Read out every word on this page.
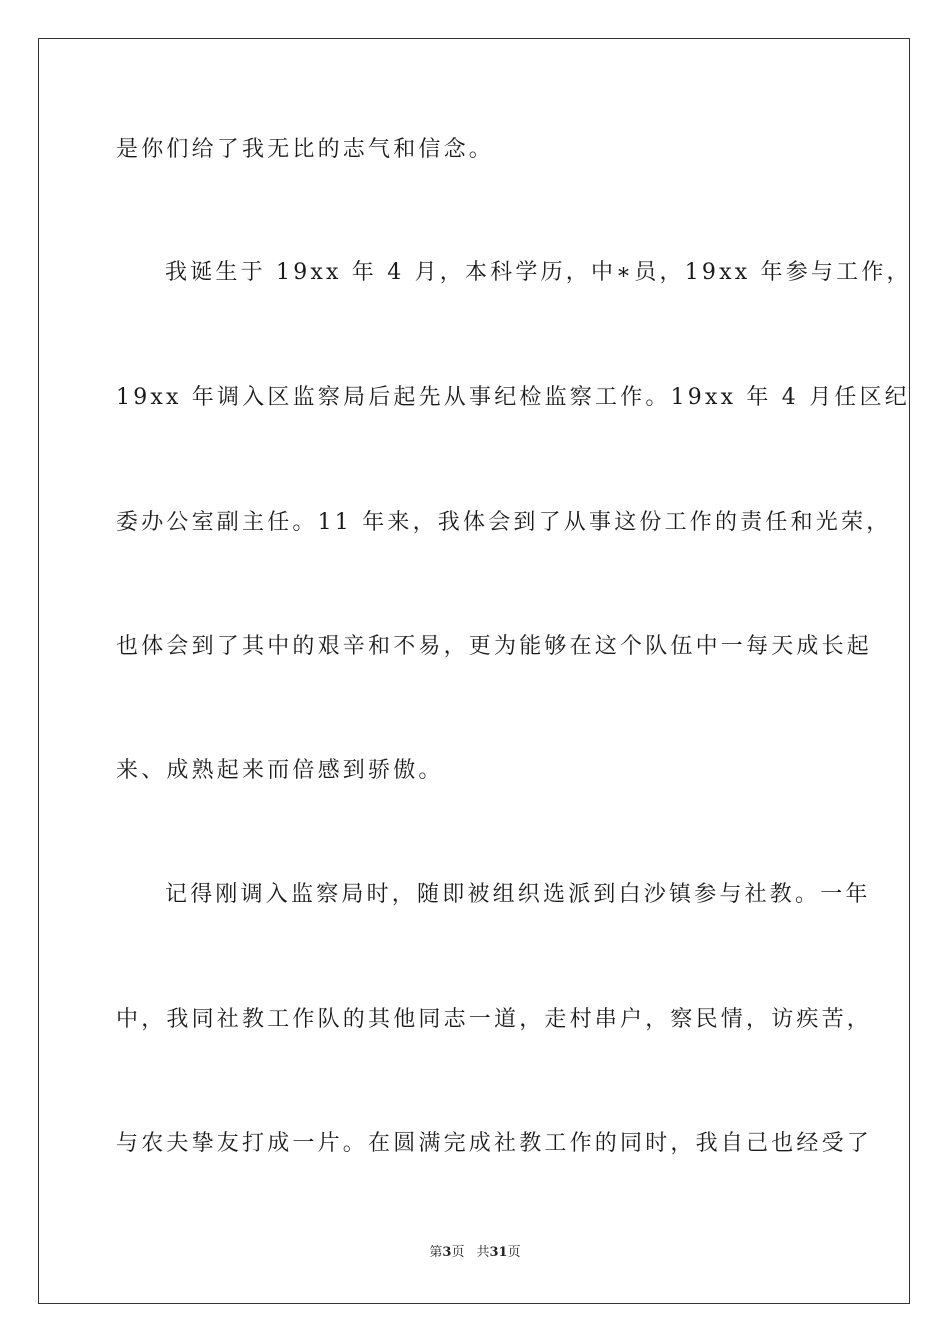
是你们给了我无比的志气和信念。
我诞生于 19xx 年 4 月，本科学历，中∗员，19xx 年参与工作，
19xx 年调入区监察局后起先从事纪检监察工作。19xx 年 4 月任区纪
委办公室副主任。11 年来，我体会到了从事这份工作的责任和光荣，
也体会到了其中的艰辛和不易，更为能够在这个队伍中一每天成长起
来、成熟起来而倍感到骄傲。
记得刚调入监察局时，随即被组织选派到白沙镇参与社教。一年
中，我同社教工作队的其他同志一道，走村串户，察民情，访疾苦，
与农夫挚友打成一片。在圆满完成社教工作的同时，我自己也经受了
第3页 共31页
